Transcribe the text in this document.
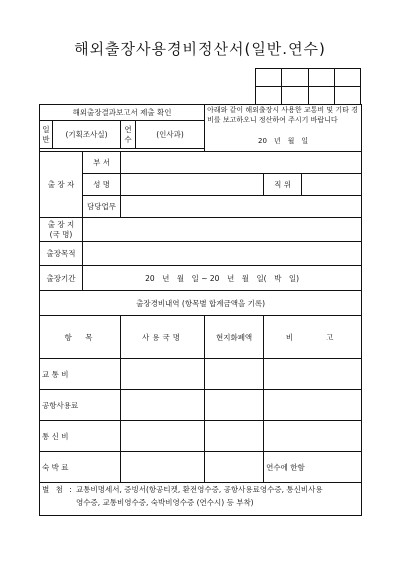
해외출장사용경비정산서(일반.연수)

해외출장결과보고서 제출 확인					아래와 같이 해외출장시 사용한 교통비 및 기타 경비를 보고하오니 정산하여 주시기 바랍니다
20　년　월　일		

일 반	(기획조사실)		연 수	(인사과)			

출 장 자		부 서					
		성 명				직 위	
		담당업무					

출 장 지
(국 명)							

출장목적							
출장기간		20　년　월　일 ~ 20　년　월　일(　박　일)					
출장경비내역 (항목별 합계금액을 기록)							
항　목			사용국명		현지화폐액	비　　고	
교 통 비							
공항사용료							
통 신 비							
숙 박 료						연수에 한함	

별 첨 : 교통비명세서, 증빙서(항공티켓, 환전영수증, 공항사용료영수증, 통신비사용
영수증, 교통비영수증, 숙박비영수증 (연수시) 등 부착)							
